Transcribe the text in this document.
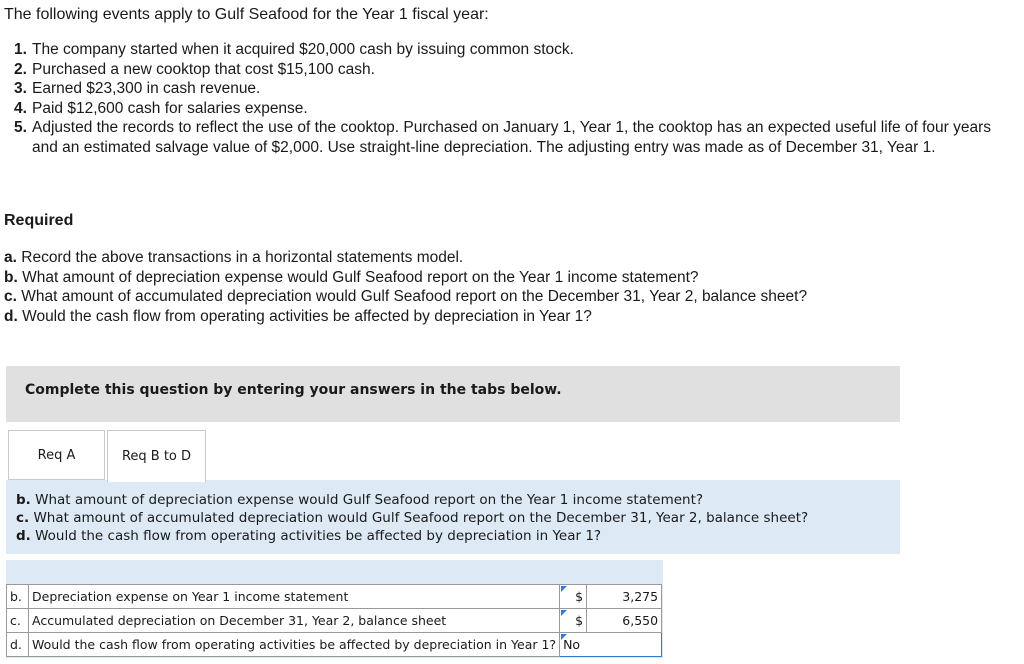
The following events apply to Gulf Seafood for the Year 1 fiscal year:
1. The company started when it acquired $20,000 cash by issuing common stock.
2. Purchased a new cooktop that cost $15,100 cash.
3. Earned $23,300 in cash revenue.
4. Paid $12,600 cash for salaries expense.
5. Adjusted the records to reflect the use of the cooktop. Purchased on January 1, Year 1, the cooktop has an expected useful life of four years and an estimated salvage value of $2,000. Use straight-line depreciation. The adjusting entry was made as of December 31, Year 1.
Required
a. Record the above transactions in a horizontal statements model.
b. What amount of depreciation expense would Gulf Seafood report on the Year 1 income statement?
c. What amount of accumulated depreciation would Gulf Seafood report on the December 31, Year 2, balance sheet?
d. Would the cash flow from operating activities be affected by depreciation in Year 1?
Complete this question by entering your answers in the tabs below.
Req A	Req B to D
b. What amount of depreciation expense would Gulf Seafood report on the Year 1 income statement?
c. What amount of accumulated depreciation would Gulf Seafood report on the December 31, Year 2, balance sheet?
d. Would the cash flow from operating activities be affected by depreciation in Year 1?
b.	Depreciation expense on Year 1 income statement	$	3,275
c.	Accumulated depreciation on December 31, Year 2, balance sheet	$	6,550
d.	Would the cash flow from operating activities be affected by depreciation in Year 1?	No	
